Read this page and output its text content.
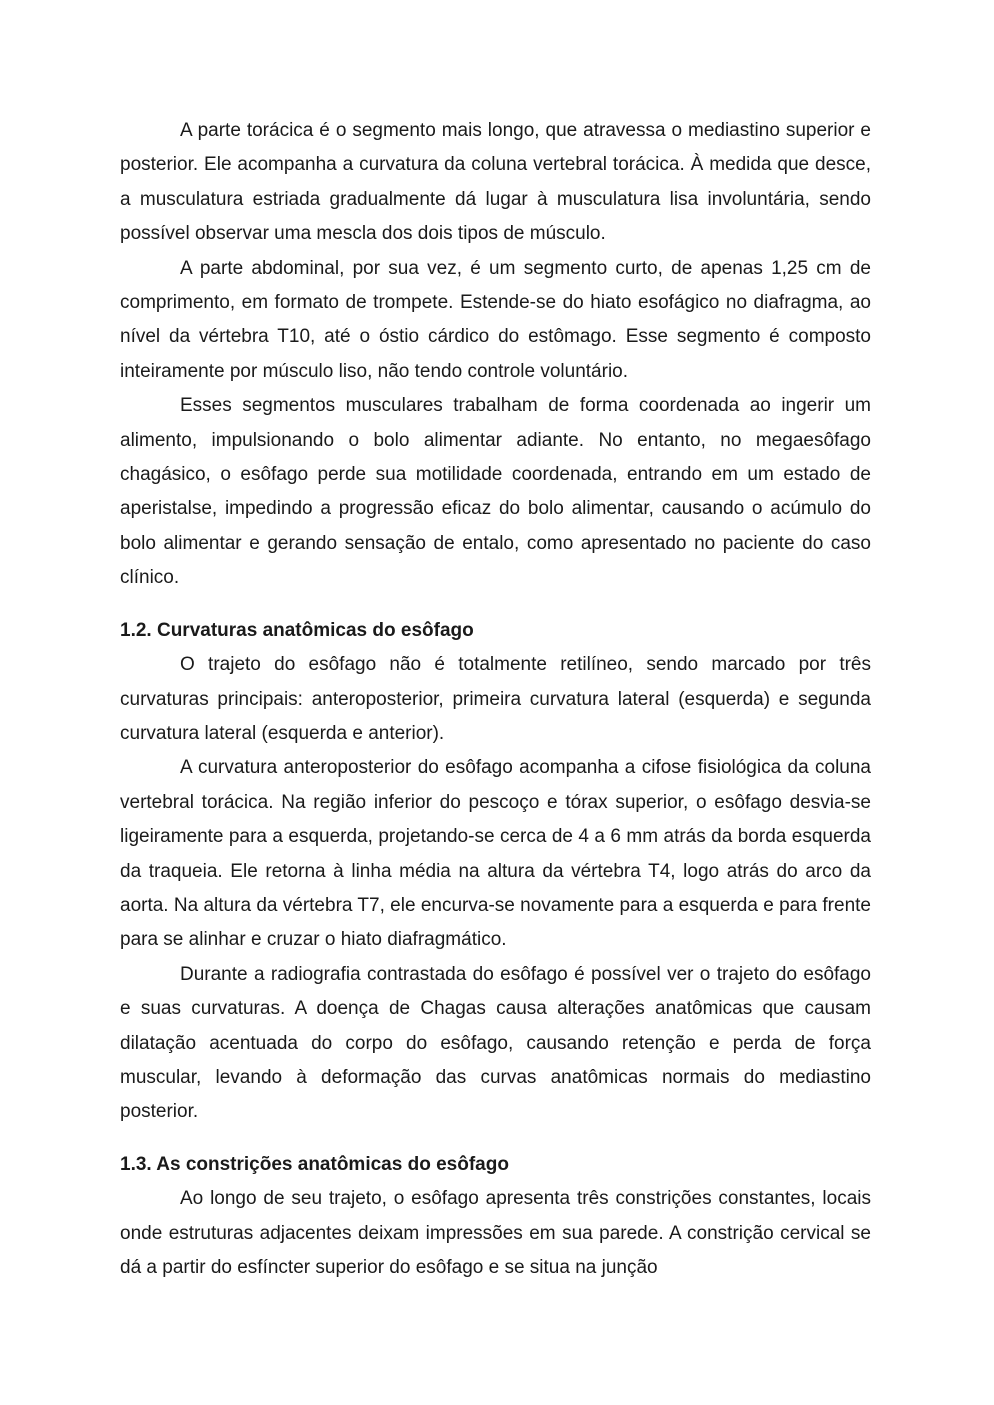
A parte torácica é o segmento mais longo, que atravessa o mediastino superior e posterior. Ele acompanha a curvatura da coluna vertebral torácica. À medida que desce, a musculatura estriada gradualmente dá lugar à musculatura lisa involuntária, sendo possível observar uma mescla dos dois tipos de músculo.

A parte abdominal, por sua vez, é um segmento curto, de apenas 1,25 cm de comprimento, em formato de trompete. Estende-se do hiato esofágico no diafragma, ao nível da vértebra T10, até o óstio cárdico do estômago. Esse segmento é composto inteiramente por músculo liso, não tendo controle voluntário.

Esses segmentos musculares trabalham de forma coordenada ao ingerir um alimento, impulsionando o bolo alimentar adiante. No entanto, no megaesôfago chagásico, o esôfago perde sua motilidade coordenada, entrando em um estado de aperistalse, impedindo a progressão eficaz do bolo alimentar, causando o acúmulo do bolo alimentar e gerando sensação de entalo, como apresentado no paciente do caso clínico.

1.2. Curvaturas anatômicas do esôfago

O trajeto do esôfago não é totalmente retilíneo, sendo marcado por três curvaturas principais: anteroposterior, primeira curvatura lateral (esquerda) e segunda curvatura lateral (esquerda e anterior).

A curvatura anteroposterior do esôfago acompanha a cifose fisiológica da coluna vertebral torácica. Na região inferior do pescoço e tórax superior, o esôfago desvia-se ligeiramente para a esquerda, projetando-se cerca de 4 a 6 mm atrás da borda esquerda da traqueia. Ele retorna à linha média na altura da vértebra T4, logo atrás do arco da aorta. Na altura da vértebra T7, ele encurva-se novamente para a esquerda e para frente para se alinhar e cruzar o hiato diafragmático.

Durante a radiografia contrastada do esôfago é possível ver o trajeto do esôfago e suas curvaturas. A doença de Chagas causa alterações anatômicas que causam dilatação acentuada do corpo do esôfago, causando retenção e perda de força muscular, levando à deformação das curvas anatômicas normais do mediastino posterior.

1.3. As constrições anatômicas do esôfago

Ao longo de seu trajeto, o esôfago apresenta três constrições constantes, locais onde estruturas adjacentes deixam impressões em sua parede. A constrição cervical se dá a partir do esfíncter superior do esôfago e se situa na junção
